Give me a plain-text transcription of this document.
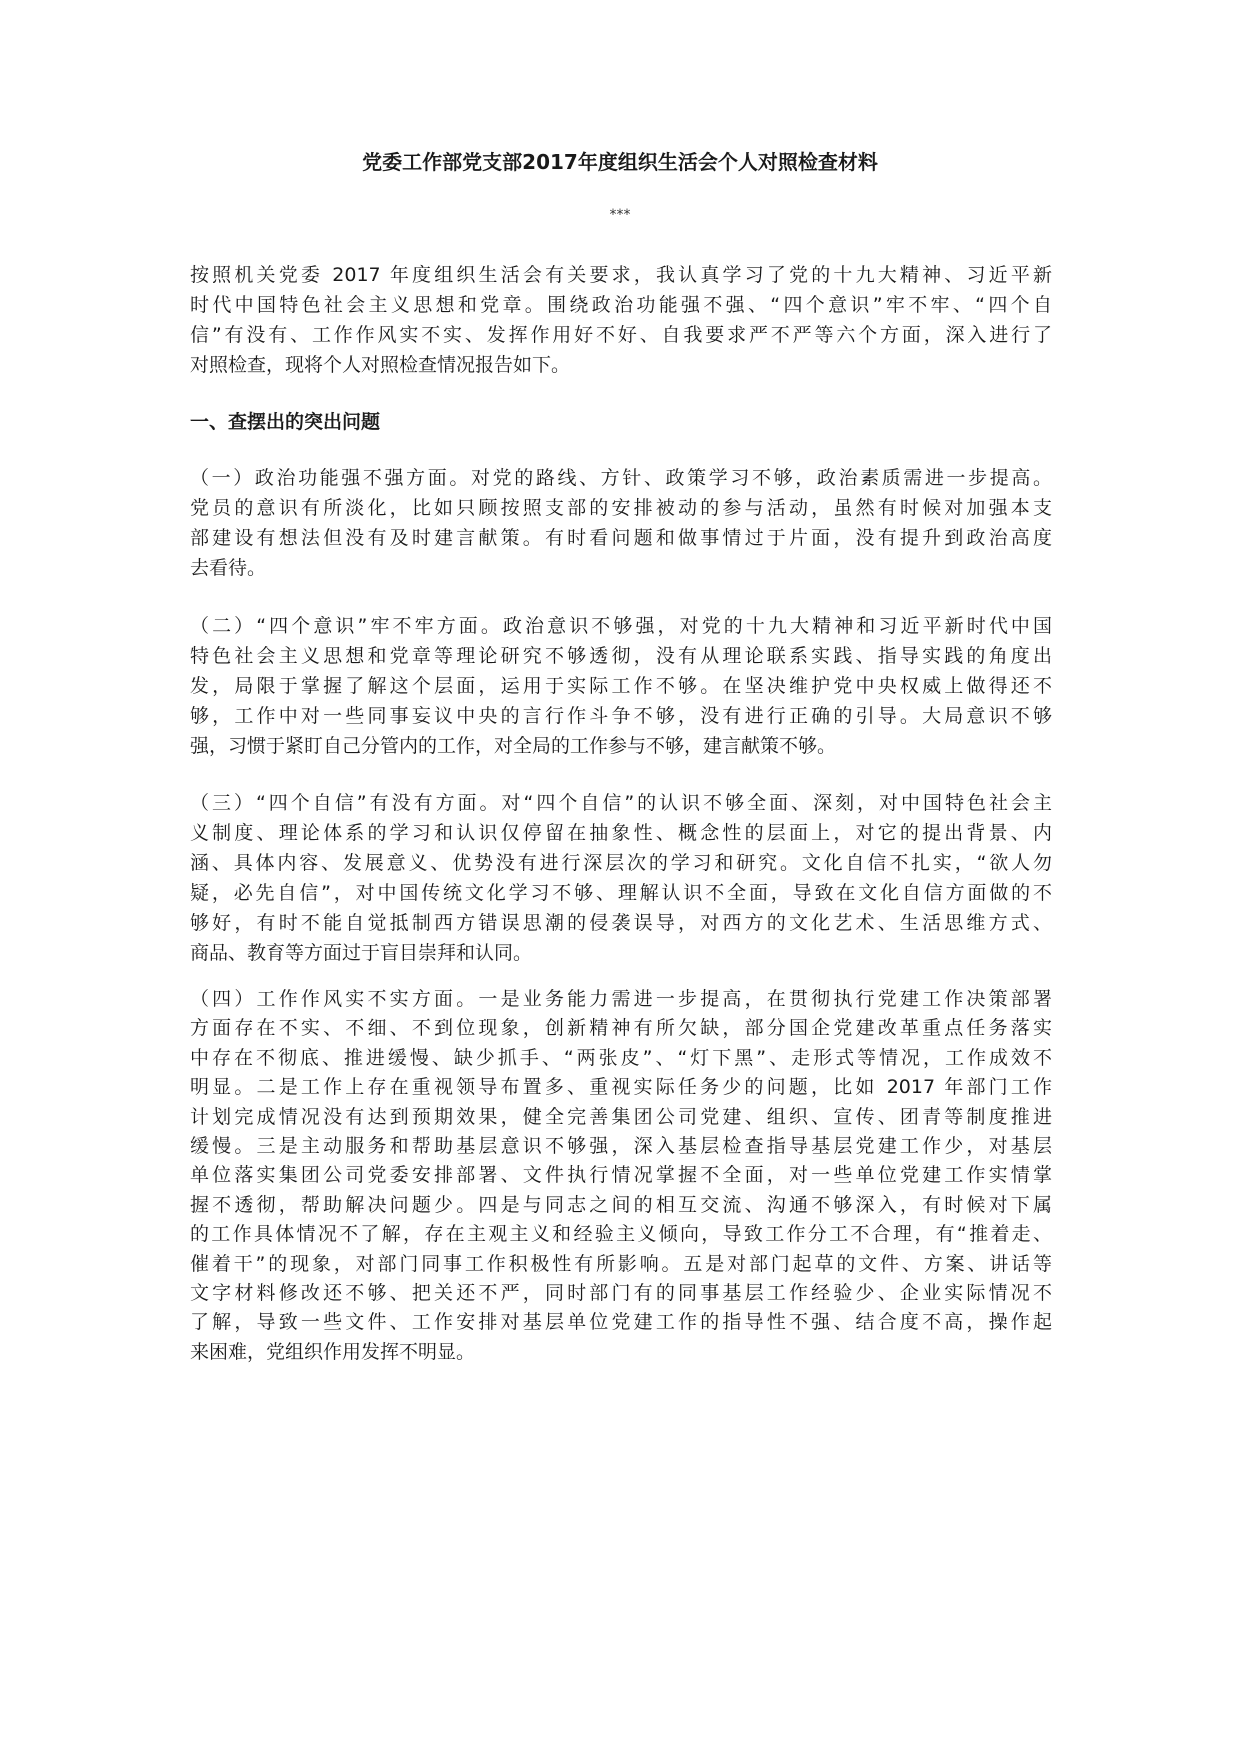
党委工作部党支部2017年度组织生活会个人对照检查材料
***
按照机关党委 2017 年度组织生活会有关要求，我认真学习了党的十九大精神、习近平新
时代中国特色社会主义思想和党章。围绕政治功能强不强、“四个意识”牢不牢、“四个自
信”有没有、工作作风实不实、发挥作用好不好、自我要求严不严等六个方面，深入进行了
对照检查，现将个人对照检查情况报告如下。
一、查摆出的突出问题
（一）政治功能强不强方面。对党的路线、方针、政策学习不够，政治素质需进一步提高。
党员的意识有所淡化，比如只顾按照支部的安排被动的参与活动，虽然有时候对加强本支
部建设有想法但没有及时建言献策。有时看问题和做事情过于片面，没有提升到政治高度
去看待。
（二）“四个意识”牢不牢方面。政治意识不够强，对党的十九大精神和习近平新时代中国
特色社会主义思想和党章等理论研究不够透彻，没有从理论联系实践、指导实践的角度出
发，局限于掌握了解这个层面，运用于实际工作不够。在坚决维护党中央权威上做得还不
够，工作中对一些同事妄议中央的言行作斗争不够，没有进行正确的引导。大局意识不够
强，习惯于紧盯自己分管内的工作，对全局的工作参与不够，建言献策不够。
（三）“四个自信”有没有方面。对“四个自信”的认识不够全面、深刻，对中国特色社会主
义制度、理论体系的学习和认识仅停留在抽象性、概念性的层面上，对它的提出背景、内
涵、具体内容、发展意义、优势没有进行深层次的学习和研究。文化自信不扎实，“欲人勿
疑，必先自信”，对中国传统文化学习不够、理解认识不全面，导致在文化自信方面做的不
够好，有时不能自觉抵制西方错误思潮的侵袭误导，对西方的文化艺术、生活思维方式、
商品、教育等方面过于盲目崇拜和认同。
（四）工作作风实不实方面。一是业务能力需进一步提高，在贯彻执行党建工作决策部署
方面存在不实、不细、不到位现象，创新精神有所欠缺，部分国企党建改革重点任务落实
中存在不彻底、推进缓慢、缺少抓手、“两张皮”、“灯下黑”、走形式等情况，工作成效不
明显。二是工作上存在重视领导布置多、重视实际任务少的问题，比如 2017 年部门工作
计划完成情况没有达到预期效果，健全完善集团公司党建、组织、宣传、团青等制度推进
缓慢。三是主动服务和帮助基层意识不够强，深入基层检查指导基层党建工作少，对基层
单位落实集团公司党委安排部署、文件执行情况掌握不全面，对一些单位党建工作实情掌
握不透彻，帮助解决问题少。四是与同志之间的相互交流、沟通不够深入，有时候对下属
的工作具体情况不了解，存在主观主义和经验主义倾向，导致工作分工不合理，有“推着走、
催着干”的现象，对部门同事工作积极性有所影响。五是对部门起草的文件、方案、讲话等
文字材料修改还不够、把关还不严，同时部门有的同事基层工作经验少、企业实际情况不
了解，导致一些文件、工作安排对基层单位党建工作的指导性不强、结合度不高，操作起
来困难，党组织作用发挥不明显。
